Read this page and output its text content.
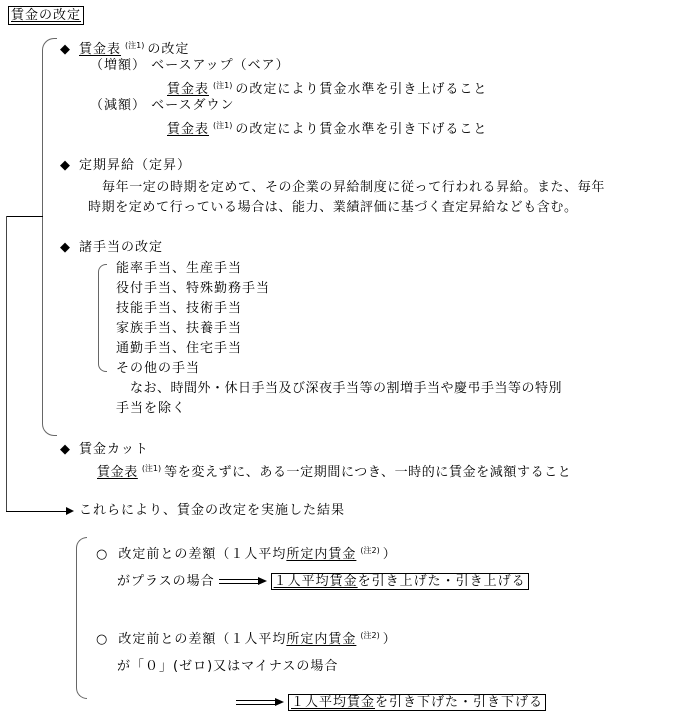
賃金の改定
◆ 賃金表 $^{(注1)}$ の改定
（増額） ベースアップ（ベア）
賃金表 $^{(注1)}$ の改定により賃金水準を引き上げること
（減額） ベースダウン
賃金表 $^{(注1)}$ の改定により賃金水準を引き下げること
◆ 定期昇給（定昇）
毎年一定の時期を定めて、その企業の昇給制度に従って行われる昇給。また、毎年
時期を定めて行っている場合は、能力、業績評価に基づく査定昇給なども含む。
◆ 諸手当の改定
能率手当、生産手当
役付手当、特殊勤務手当
技能手当、技術手当
家族手当、扶養手当
通勤手当、住宅手当
その他の手当
なお、時間外・休日手当及び深夜手当等の割増手当や慶弔手当等の特別
手当を除く
◆ 賃金カット
賃金表 $^{(注1)}$ 等を変えずに、ある一定期間につき、一時的に賃金を減額すること
これらにより、賃金の改定を実施した結果
○ 改定前との差額（１人平均所定内賃金 $^{(注2)}$ ）
がプラスの場合	１人平均賃金を引き上げた・引き上げる
○ 改定前との差額（１人平均所定内賃金 $^{(注2)}$ ）
が「０」(ゼロ)又はマイナスの場合
１人平均賃金を引き下げた・引き下げる
